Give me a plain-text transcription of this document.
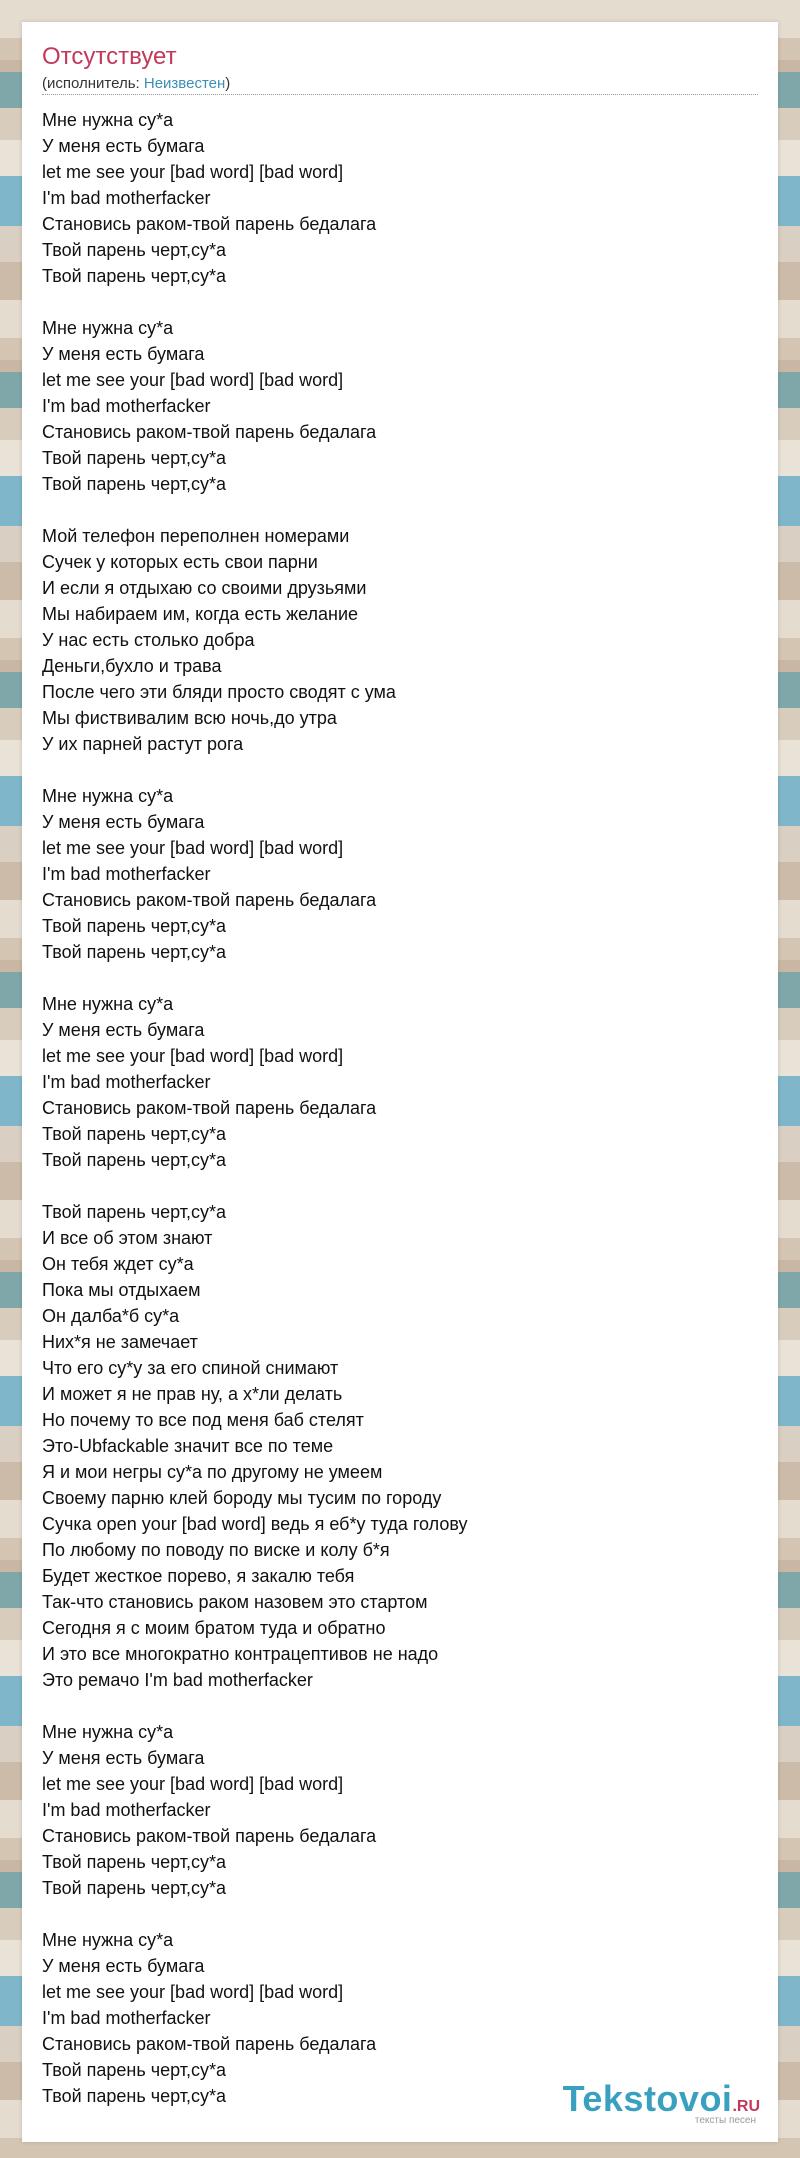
Отсутствует
(исполнитель: Неизвестен)
Мне нужна су*а
У меня есть бумага
let me see your [bad word] [bad word]
I'm bad motherfacker
Становись раком-твой парень бедалага
Твой парень черт,су*а
Твой парень черт,су*а
Мне нужна су*а
У меня есть бумага
let me see your [bad word] [bad word]
I'm bad motherfacker
Становись раком-твой парень бедалага
Твой парень черт,су*а
Твой парень черт,су*а
Мой телефон переполнен номерами
Сучек у которых есть свои парни
И если я отдыхаю со своими друзьями
Мы набираем им, когда есть желание
У нас есть столько добра
Деньги,бухло и трава
После чего эти бляди просто сводят с ума
Мы фиствивалим всю ночь,до утра
У их парней растут рога
Мне нужна су*а
У меня есть бумага
let me see your [bad word] [bad word]
I'm bad motherfacker
Становись раком-твой парень бедалага
Твой парень черт,су*а
Твой парень черт,су*а
Мне нужна су*а
У меня есть бумага
let me see your [bad word] [bad word]
I'm bad motherfacker
Становись раком-твой парень бедалага
Твой парень черт,су*а
Твой парень черт,су*а
Твой парень черт,су*а
И все об этом знают
Он тебя ждет су*а
Пока мы отдыхаем
Он далба*б су*а
Них*я не замечает
Что его су*у за его спиной снимают
И может я не прав ну, а х*ли делать
Но почему то все под меня баб стелят
Это-Ubfackable значит все по теме
Я и мои негры су*а по другому не умеем
Своему парню клей бороду мы тусим по городу
Сучка open your [bad word] ведь я еб*у туда голову
По любому по поводу по виске и колу б*я
Будет жесткое порево, я закалю тебя
Так-что становись раком назовем это стартом
Сегодня я с моим братом туда и обратно
И это все многократно контрацептивов не надо
Это ремачо I'm bad motherfacker
Мне нужна су*а
У меня есть бумага
let me see your [bad word] [bad word]
I'm bad motherfacker
Становись раком-твой парень бедалага
Твой парень черт,су*а
Твой парень черт,су*а
Мне нужна су*а
У меня есть бумага
let me see your [bad word] [bad word]
I'm bad motherfacker
Становись раком-твой парень бедалага
Твой парень черт,су*а
Твой парень черт,су*а	Tekstovoi.RU
тексты песен
